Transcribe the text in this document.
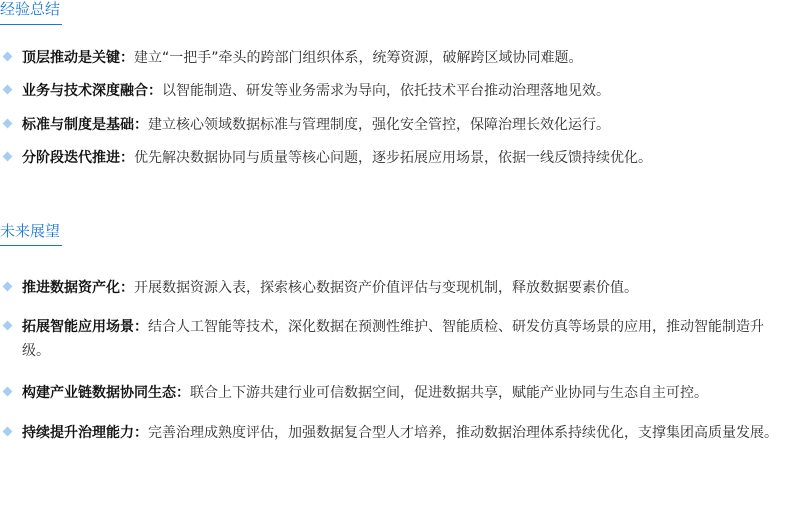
经验总结
顶层推动是关键：建立“一把手”牵头的跨部门组织体系，统筹资源，破解跨区域协同难题。
业务与技术深度融合：以智能制造、研发等业务需求为导向，依托技术平台推动治理落地见效。
标准与制度是基础：建立核心领域数据标准与管理制度，强化安全管控，保障治理长效化运行。
分阶段迭代推进：优先解决数据协同与质量等核心问题，逐步拓展应用场景，依据一线反馈持续优化。
未来展望
推进数据资产化：开展数据资源入表，探索核心数据资产价值评估与变现机制，释放数据要素价值。
拓展智能应用场景：结合人工智能等技术，深化数据在预测性维护、智能质检、研发仿真等场景的应用，推动智能制造升级。
构建产业链数据协同生态：联合上下游共建行业可信数据空间，促进数据共享，赋能产业协同与生态自主可控。
持续提升治理能力：完善治理成熟度评估，加强数据复合型人才培养，推动数据治理体系持续优化，支撑集团高质量发展。
